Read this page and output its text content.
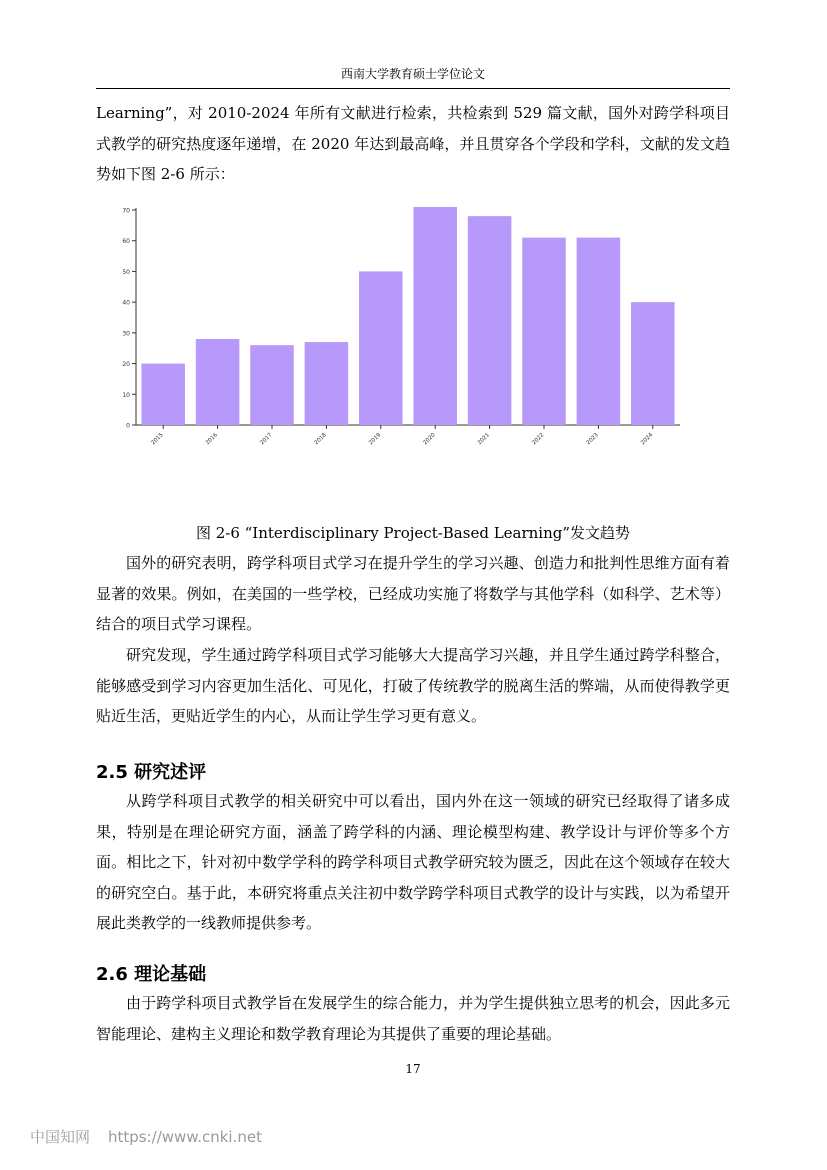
西南大学教育硕士学位论文

Learning”，对 2010-2024 年所有文献进行检索，共检索到 529 篇文献，国外对跨学科项目式教学的研究热度逐年递增，在 2020 年达到最高峰，并且贯穿各个学段和学科，文献的发文趋势如下图 2-6 所示：

0
10
20
30
40
50
60
70
2015	2016	2017	2018	2019	2020	2021	2022	2023	2024
图 2-6 “Interdisciplinary Project-Based Learning”发文趋势

国外的研究表明，跨学科项目式学习在提升学生的学习兴趣、创造力和批判性思维方面有着显著的效果。例如，在美国的一些学校，已经成功实施了将数学与其他学科（如科学、艺术等）结合的项目式学习课程。

研究发现，学生通过跨学科项目式学习能够大大提高学习兴趣，并且学生通过跨学科整合，能够感受到学习内容更加生活化、可见化，打破了传统教学的脱离生活的弊端，从而使得教学更贴近生活，更贴近学生的内心，从而让学生学习更有意义。

2.5 研究述评

从跨学科项目式教学的相关研究中可以看出，国内外在这一领域的研究已经取得了诸多成果，特别是在理论研究方面，涵盖了跨学科的内涵、理论模型构建、教学设计与评价等多个方面。相比之下，针对初中数学学科的跨学科项目式教学研究较为匮乏，因此在这个领域存在较大的研究空白。基于此，本研究将重点关注初中数学跨学科项目式教学的设计与实践，以为希望开展此类教学的一线教师提供参考。

2.6 理论基础

由于跨学科项目式教学旨在发展学生的综合能力，并为学生提供独立思考的机会，因此多元智能理论、建构主义理论和数学教育理论为其提供了重要的理论基础。

17
中国知网 https://www.cnki.net
